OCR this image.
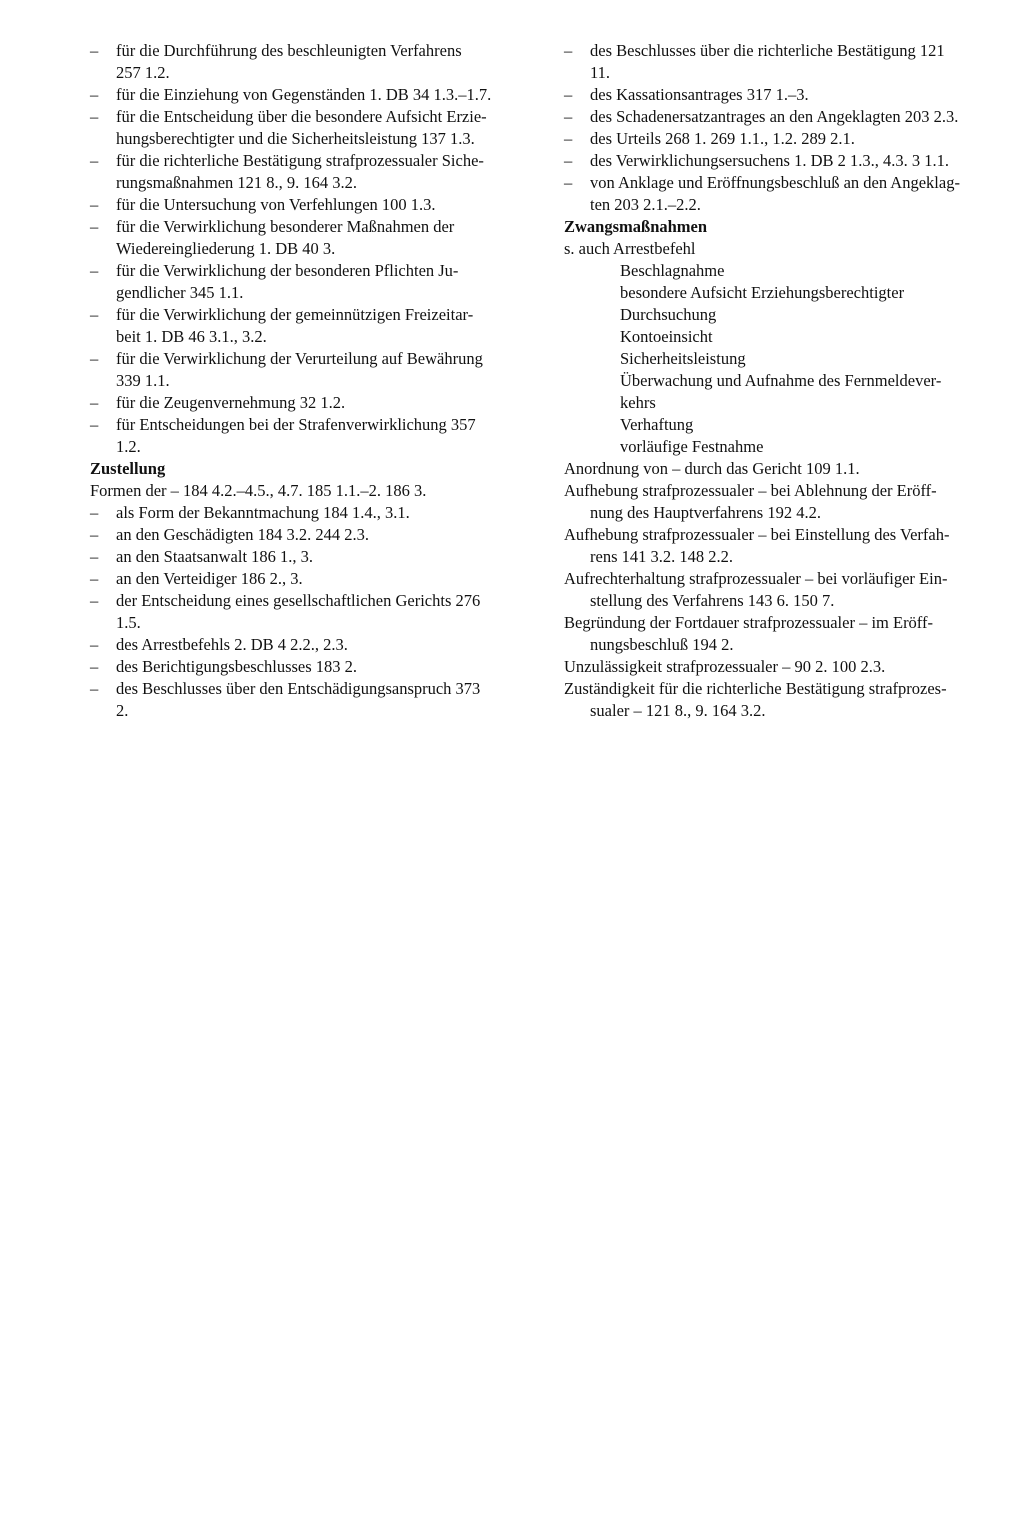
– für die Durchführung des beschleunigten Verfahrens
257 1.2.
– für die Einziehung von Gegenständen 1. DB 34 1.3.–1.7.
– für die Entscheidung über die besondere Aufsicht Erzie-
hungsberechtigter und die Sicherheitsleistung 137 1.3.
– für die richterliche Bestätigung strafprozessualer Siche-
rungsmaßnahmen 121 8., 9. 164 3.2.
– für die Untersuchung von Verfehlungen 100 1.3.
– für die Verwirklichung besonderer Maßnahmen der
Wiedereingliederung 1. DB 40 3.
– für die Verwirklichung der besonderen Pflichten Ju-
gendlicher 345 1.1.
– für die Verwirklichung der gemeinnützigen Freizeitar-
beit 1. DB 46 3.1., 3.2.
– für die Verwirklichung der Verurteilung auf Bewährung
339 1.1.
– für die Zeugenvernehmung 32 1.2.
– für Entscheidungen bei der Strafenverwirklichung 357
1.2.
Zustellung
Formen der – 184 4.2.–4.5., 4.7. 185 1.1.–2. 186 3.
– als Form der Bekanntmachung 184 1.4., 3.1.
– an den Geschädigten 184 3.2. 244 2.3.
– an den Staatsanwalt 186 1., 3.
– an den Verteidiger 186 2., 3.
– der Entscheidung eines gesellschaftlichen Gerichts 276
1.5.
– des Arrestbefehls 2. DB 4 2.2., 2.3.
– des Berichtigungsbeschlusses 183 2.
– des Beschlusses über den Entschädigungsanspruch 373
2.
– des Beschlusses über die richterliche Bestätigung 121
11.
– des Kassationsantrages 317 1.–3.
– des Schadenersatzantrages an den Angeklagten 203 2.3.
– des Urteils 268 1. 269 1.1., 1.2. 289 2.1.
– des Verwirklichungsersuchens 1. DB 2 1.3., 4.3. 3 1.1.
– von Anklage und Eröffnungsbeschluß an den Angeklag-
ten 203 2.1.–2.2.
Zwangsmaßnahmen
s. auch Arrestbefehl
Beschlagnahme
besondere Aufsicht Erziehungsberechtigter
Durchsuchung
Kontoeinsicht
Sicherheitsleistung
Überwachung und Aufnahme des Fernmeldever-
kehrs
Verhaftung
vorläufige Festnahme
Anordnung von – durch das Gericht 109 1.1.
Aufhebung strafprozessualer – bei Ablehnung der Eröff-
nung des Hauptverfahrens 192 4.2.
Aufhebung strafprozessualer – bei Einstellung des Verfah-
rens 141 3.2. 148 2.2.
Aufrechterhaltung strafprozessualer – bei vorläufiger Ein-
stellung des Verfahrens 143 6. 150 7.
Begründung der Fortdauer strafprozessualer – im Eröff-
nungsbeschluß 194 2.
Unzulässigkeit strafprozessualer – 90 2. 100 2.3.
Zuständigkeit für die richterliche Bestätigung strafprozes-
sualer – 121 8., 9. 164 3.2.
